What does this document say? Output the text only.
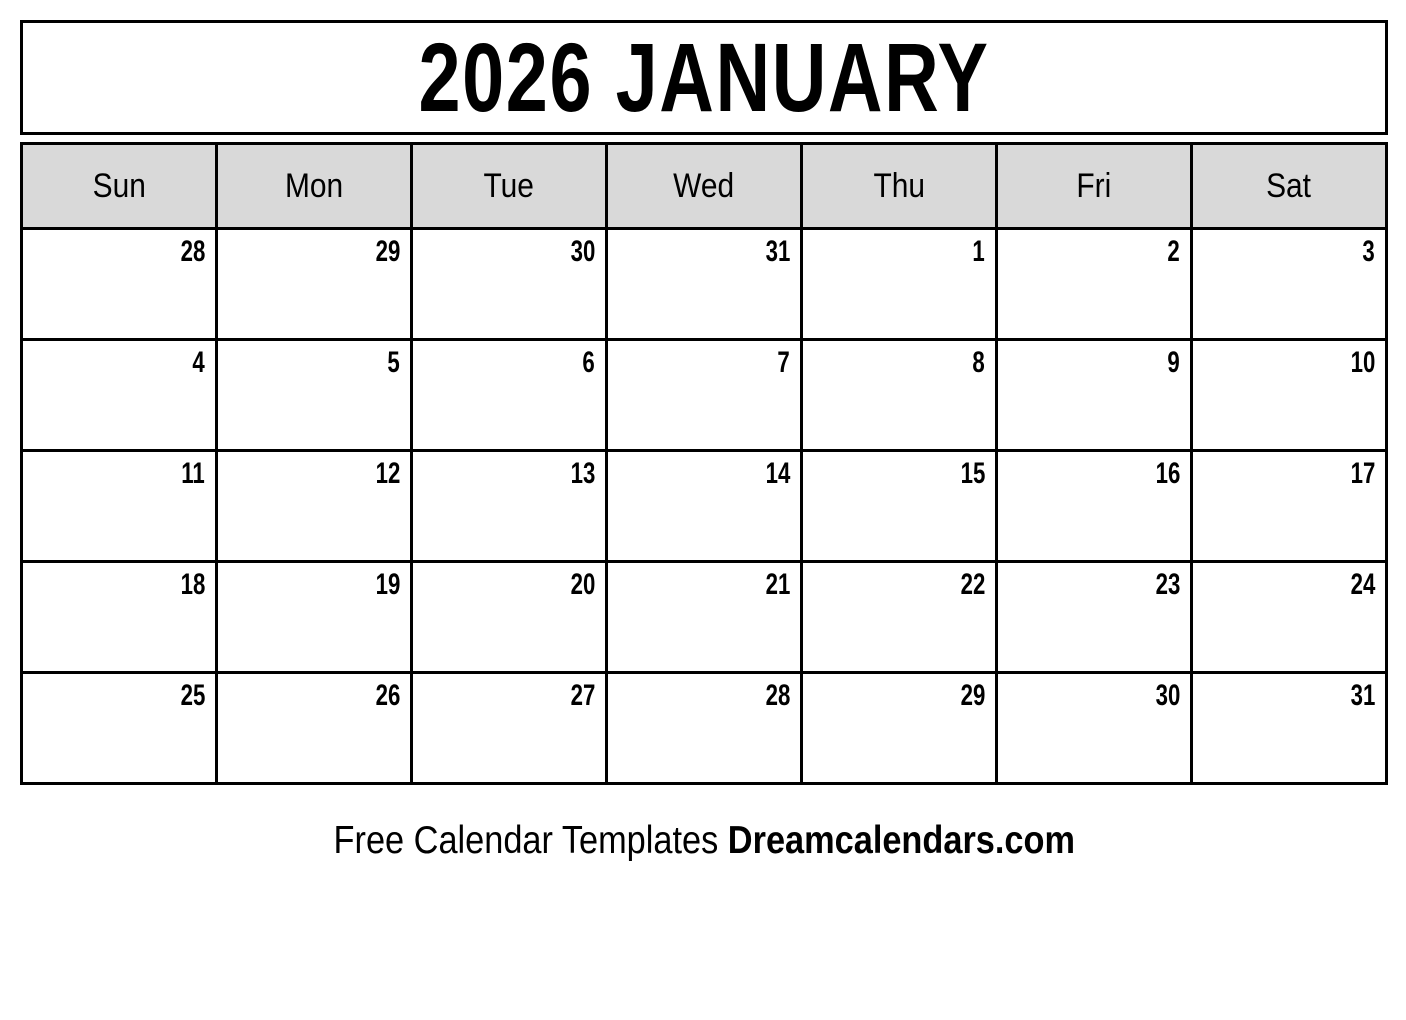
2026 JANUARY
Sun	Mon	Tue	Wed	Thu	Fri	Sat
28	29	30	31	1	2	3
4	5	6	7	8	9	10
11	12	13	14	15	16	17
18	19	20	21	22	23	24
25	26	27	28	29	30	31
Free Calendar Templates Dreamcalendars.com
